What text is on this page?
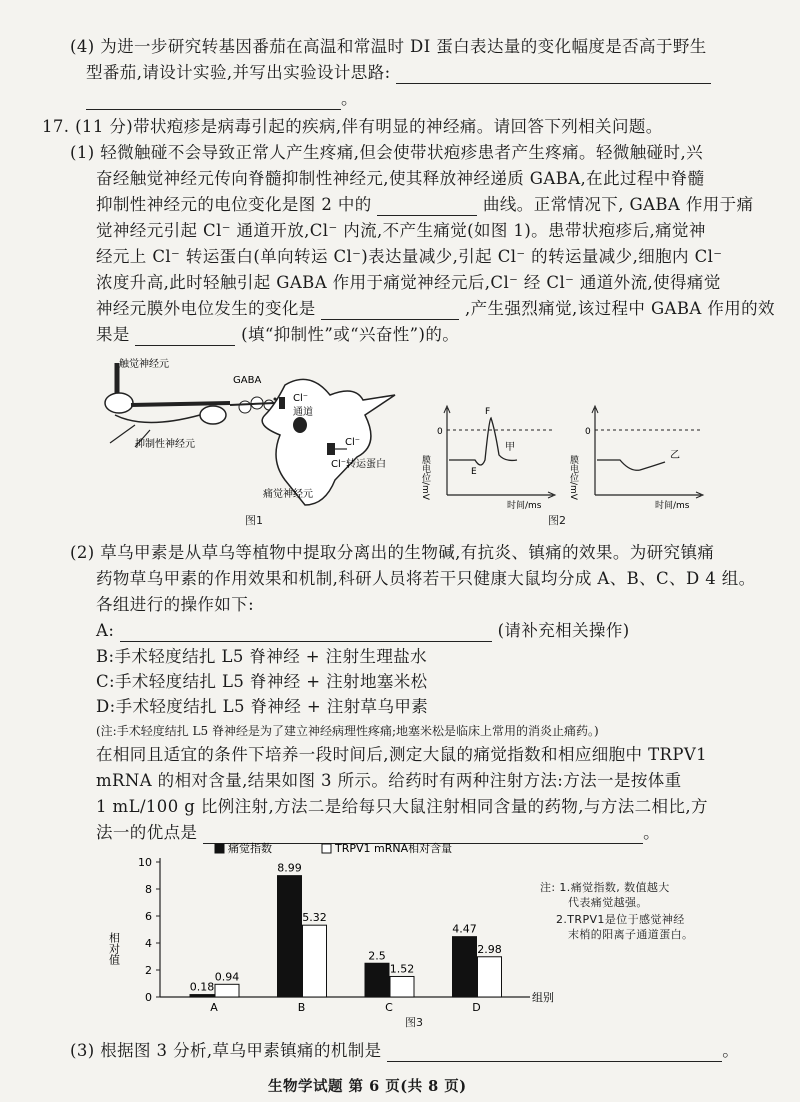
(4) 为进一步研究转基因番茄在高温和常温时 DI 蛋白表达量的变化幅度是否高于野生
型番茄,请设计实验,并写出实验设计思路:
。
17. (11 分)带状疱疹是病毒引起的疾病,伴有明显的神经痛。请回答下列相关问题。
(1) 轻微触碰不会导致正常人产生疼痛,但会使带状疱疹患者产生疼痛。轻微触碰时,兴
奋经触觉神经元传向脊髓抑制性神经元,使其释放神经递质 GABA,在此过程中脊髓
抑制性神经元的电位变化是图 2 中的	曲线。正常情况下, GABA 作用于痛
觉神经元引起 Cl⁻ 通道开放,Cl⁻ 内流,不产生痛觉(如图 1)。患带状疱疹后,痛觉神
经元上 Cl⁻ 转运蛋白(单向转运 Cl⁻)表达量减少,引起 Cl⁻ 的转运量减少,细胞内 Cl⁻
浓度升高,此时轻触引起 GABA 作用于痛觉神经元后,Cl⁻ 经 Cl⁻ 通道外流,使得痛觉
神经元膜外电位发生的变化是	,产生强烈痛觉,该过程中 GABA 作用的效
果是	(填“抑制性”或“兴奋性”)的。
触觉神经元
GABA
Cl⁻
通道
抑制性神经元	Cl⁻
Cl⁻转运蛋白
痛觉神经元
图1
0
F
E
甲
时间/ms
膜电位/mV
0
乙
时间/ms
膜电位/mV
图2
(2) 草乌甲素是从草乌等植物中提取分离出的生物碱,有抗炎、镇痛的效果。为研究镇痛
药物草乌甲素的作用效果和机制,科研人员将若干只健康大鼠均分成 A、B、C、D 4 组。
各组进行的操作如下:
A:	(请补充相关操作)
B:手术轻度结扎 L5 脊神经 + 注射生理盐水
C:手术轻度结扎 L5 脊神经 + 注射地塞米松
D:手术轻度结扎 L5 脊神经 + 注射草乌甲素
(注:手术轻度结扎 L5 脊神经是为了建立神经病理性疼痛;地塞米松是临床上常用的消炎止痛药。)
在相同且适宜的条件下培养一段时间后,测定大鼠的痛觉指数和相应细胞中 TRPV1
mRNA 的相对含量,结果如图 3 所示。给药时有两种注射方法:方法一是按体重
1 mL/100 g 比例注射,方法二是给每只大鼠注射相同含量的药物,与方法二相比,方
法一的优点是	。
0
2
4
6
8
10
相对值
组别
痛觉指数	TRPV1 mRNA相对含量
0.18
0.94
A
8.99
5.32
B
2.5
1.52
C
4.47
2.98
D
注: 1.痛觉指数, 数值越大
代表痛觉越强。
2.TRPV1是位于感觉神经
末梢的阳离子通道蛋白。
图3
(3) 根据图 3 分析,草乌甲素镇痛的机制是	。
生物学试题 第 6 页(共 8 页)
